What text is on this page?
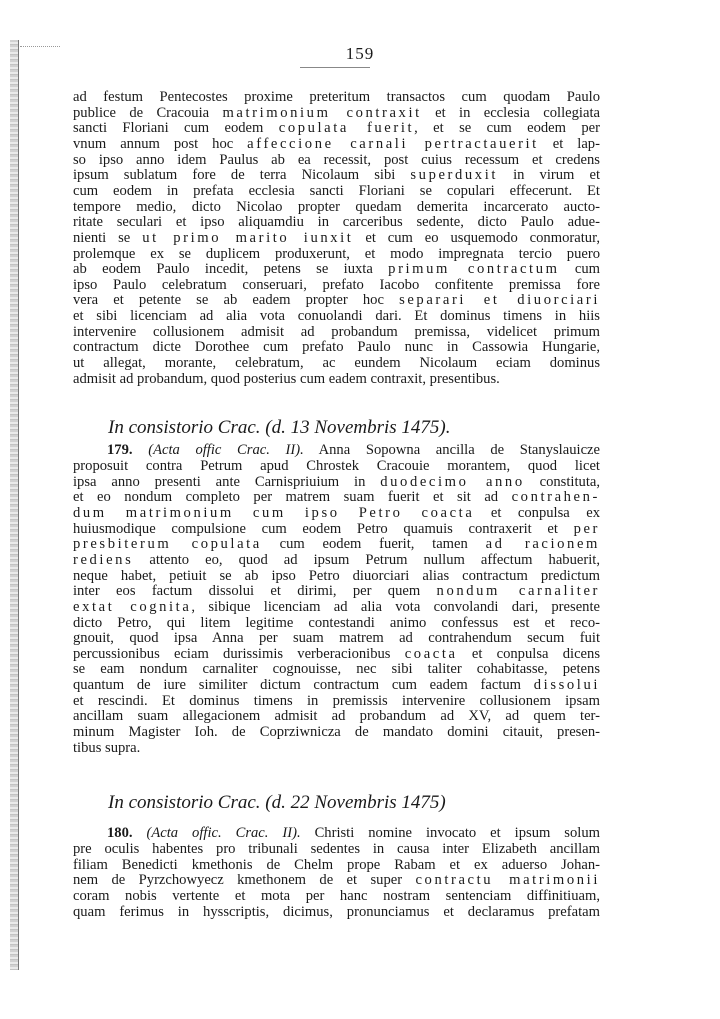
159
ad festum Pentecostes proxime preteritum transactos cum quodam Paulo
publice de Cracouia matrimonium contraxit et in ecclesia collegiata
sancti Floriani cum eodem copulata fuerit, et se cum eodem per
vnum annum post hoc affeccione carnali pertractauerit et lap-
so ipso anno idem Paulus ab ea recessit, post cuius recessum et credens
ipsum sublatum fore de terra Nicolaum sibi superduxit in virum et
cum eodem in prefata ecclesia sancti Floriani se copulari effecerunt. Et
tempore medio, dicto Nicolao propter quedam demerita incarcerato aucto-
ritate seculari et ipso aliquamdiu in carceribus sedente, dicto Paulo adue-
nienti se ut primo marito iunxit et cum eo usquemodo conmoratur,
prolemque ex se duplicem produxerunt, et modo impregnata tercio puero
ab eodem Paulo incedit, petens se iuxta primum contractum cum
ipso Paulo celebratum conseruari, prefato Iacobo confitente premissa fore
vera et petente se ab eadem propter hoc separari et diuorciari
et sibi licenciam ad alia vota conuolandi dari. Et dominus timens in hiis
intervenire collusionem admisit ad probandum premissa, videlicet primum
contractum dicte Dorothee cum prefato Paulo nunc in Cassowia Hungarie,
ut allegat, morante, celebratum, ac eundem Nicolaum eciam dominus
admisit ad probandum, quod posterius cum eadem contraxit, presentibus.
In consistorio Crac. (d. 13 Novembris 1475).
179. (Acta offic Crac. II). Anna Sopowna ancilla de Stanyslauicze
proposuit contra Petrum apud Chrostek Cracouie morantem, quod licet
ipsa anno presenti ante Carnispriuium in duodecimo anno constituta,
et eo nondum completo per matrem suam fuerit et sit ad contrahen-
dum matrimonium cum ipso Petro coacta et conpulsa ex
huiusmodique compulsione cum eodem Petro quamuis contraxerit et per
presbiterum copulata cum eodem fuerit, tamen ad racionem
rediens attento eo, quod ad ipsum Petrum nullum affectum habuerit,
neque habet, petiuit se ab ipso Petro diuorciari alias contractum predictum
inter eos factum dissolui et dirimi, per quem nondum carnaliter
extat cognita, sibique licenciam ad alia vota convolandi dari, presente
dicto Petro, qui litem legitime contestandi animo confessus est et reco-
gnouit, quod ipsa Anna per suam matrem ad contrahendum secum fuit
percussionibus eciam durissimis verberacionibus coacta et conpulsa dicens
se eam nondum carnaliter cognouisse, nec sibi taliter cohabitasse, petens
quantum de iure similiter dictum contractum cum eadem factum dissolui
et rescindi. Et dominus timens in premissis intervenire collusionem ipsam
ancillam suam allegacionem admisit ad probandum ad XV, ad quem ter-
minum Magister Ioh. de Coprziwnicza de mandato domini citauit, presen-
tibus supra.
In consistorio Crac. (d. 22 Novembris 1475)
180. (Acta offic. Crac. II). Christi nomine invocato et ipsum solum
pre oculis habentes pro tribunali sedentes in causa inter Elizabeth ancillam
filiam Benedicti kmethonis de Chelm prope Rabam et ex aduerso Johan-
nem de Pyrzchowyecz kmethonem de et super contractu matrimonii
coram nobis vertente et mota per hanc nostram sentenciam diffinitiuam,
quam ferimus in hysscriptis, dicimus, pronunciamus et declaramus prefatam
